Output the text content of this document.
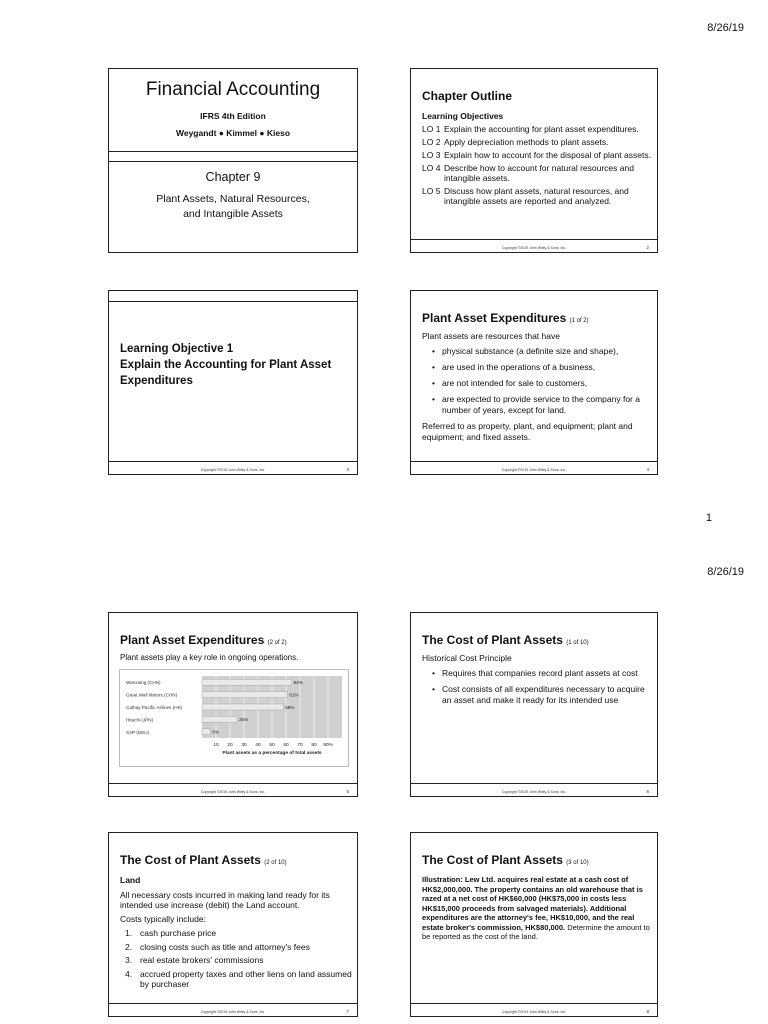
8/26/19
Financial Accounting
IFRS 4th Edition
Weygandt ● Kimmel ● Kieso
Chapter 9
Plant Assets, Natural Resources,
and Intangible Assets
Chapter Outline
Learning Objectives
LO 1 Explain the accounting for plant asset expenditures.
LO 2 Apply depreciation methods to plant assets.
LO 3 Explain how to account for the disposal of plant assets.
LO 4 Describe how to account for natural resources and intangible assets.
LO 5 Discuss how plant assets, natural resources, and intangible assets are reported and analyzed.
Copyright ©2019 John Wiley & Sons, Inc.	2
Learning Objective 1
Explain the Accounting for Plant Asset
Expenditures
Copyright ©2019 John Wiley & Sons, Inc.	3
Plant Asset Expenditures (1 of 2)
Plant assets are resources that have
• physical substance (a definite size and shape),
• are used in the operations of a business,
• are not intended for sale to customers,
• are expected to provide service to the company for a number of years, except for land.
Referred to as property, plant, and equipment; plant and equipment; and fixed assets.
Copyright ©2019 John Wiley & Sons, Inc.	4
1
8/26/19
Plant Asset Expenditures (2 of 2)
Plant assets play a key role in ongoing operations.
Wanxiang (CHN)	64%
Great Wall Motors (CHN)	61%
Cathay Pacific Airlines (HK)	58%
Hitachi (JPN)	25%
SAP (DEU)	6%
10 20 30 40 50 60 70 80 90%
Plant assets as a percentage of total assets
Copyright ©2019 John Wiley & Sons, Inc.	5
The Cost of Plant Assets (1 of 10)
Historical Cost Principle
• Requires that companies record plant assets at cost
• Cost consists of all expenditures necessary to acquire an asset and make it ready for its intended use
Copyright ©2019 John Wiley & Sons, Inc.	6
The Cost of Plant Assets (2 of 10)
Land
All necessary costs incurred in making land ready for its intended use increase (debit) the Land account.
Costs typically include:
1. cash purchase price
2. closing costs such as title and attorney's fees
3. real estate brokers' commissions
4. accrued property taxes and other liens on land assumed by purchaser
Copyright ©2019 John Wiley & Sons, Inc.	7
The Cost of Plant Assets (3 of 10)
Illustration: Lew Ltd. acquires real estate at a cash cost of HK$2,000,000. The property contains an old warehouse that is razed at a net cost of HK$60,000 (HK$75,000 in costs less HK$15,000 proceeds from salvaged materials). Additional expenditures are the attorney's fee, HK$10,000, and the real estate broker's commission, HK$80,000. Determine the amount to be reported as the cost of the land.
Copyright ©2019 John Wiley & Sons, Inc.	8
